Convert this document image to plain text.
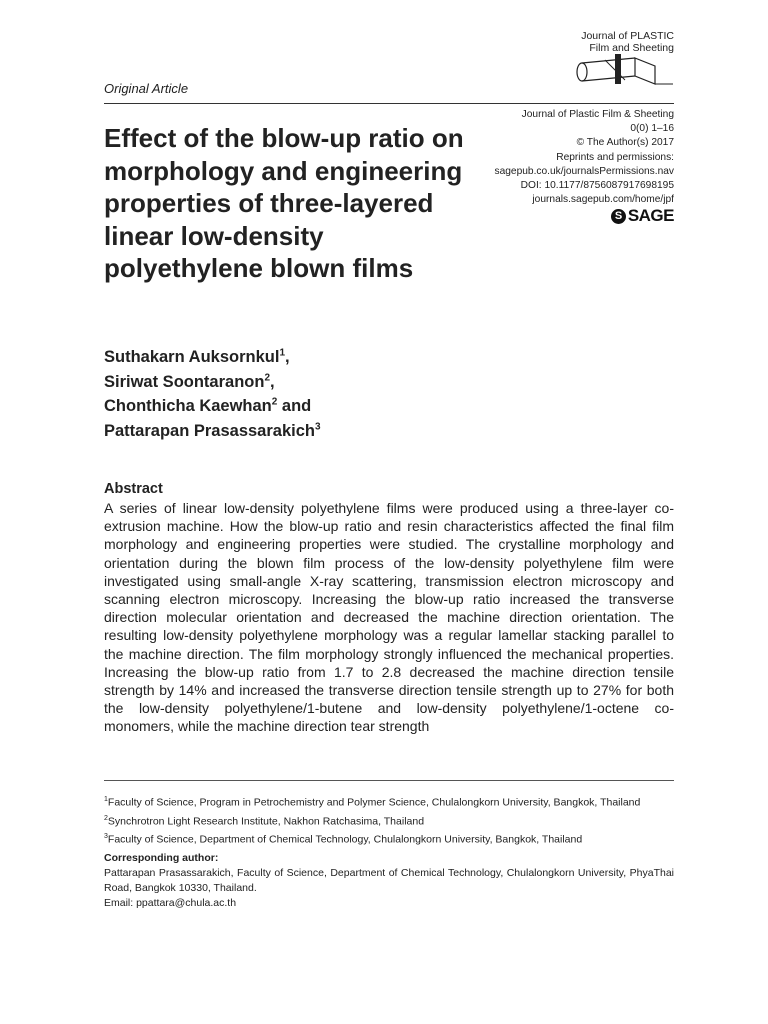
Journal of PLASTIC
Film and Sheeting
Original Article
Journal of Plastic Film & Sheeting
0(0) 1–16
© The Author(s) 2017
Reprints and permissions:
sagepub.co.uk/journalsPermissions.nav
DOI: 10.1177/8756087917698195
journals.sagepub.com/home/jpf
S SAGE
Effect of the blow-up ratio on morphology and engineering properties of three-layered linear low-density polyethylene blown films
Suthakarn Auksornkul$^1$,
Siriwat Soontaranon$^2$,
Chonthicha Kaewhan$^2$ and
Pattarapan Prasassarakich$^3$
Abstract

A series of linear low-density polyethylene films were produced using a three-layer co-extrusion machine. How the blow-up ratio and resin characteristics affected the final film morphology and engineering properties were studied. The crystalline morphology and orientation during the blown film process of the low-density polyethylene film were investigated using small-angle X-ray scattering, transmission electron microscopy and scanning electron microscopy. Increasing the blow-up ratio increased the transverse direction molecular orientation and decreased the machine direction orientation. The resulting low-density polyethylene morphology was a regular lamellar stacking parallel to the machine direction. The film morphology strongly influenced the mechanical properties. Increasing the blow-up ratio from 1.7 to 2.8 decreased the machine direction tensile strength by 14% and increased the transverse direction tensile strength up to 27% for both the low-density polyethylene/1-butene and low-density polyethylene/1-octene co-monomers, while the machine direction tear strength

$^1$Faculty of Science, Program in Petrochemistry and Polymer Science, Chulalongkorn University, Bangkok, Thailand

$^2$Synchrotron Light Research Institute, Nakhon Ratchasima, Thailand

$^3$Faculty of Science, Department of Chemical Technology, Chulalongkorn University, Bangkok, Thailand

Corresponding author:

Pattarapan Prasassarakich, Faculty of Science, Department of Chemical Technology, Chulalongkorn University, PhyaThai Road, Bangkok 10330, Thailand.

Email: ppattara@chula.ac.th
